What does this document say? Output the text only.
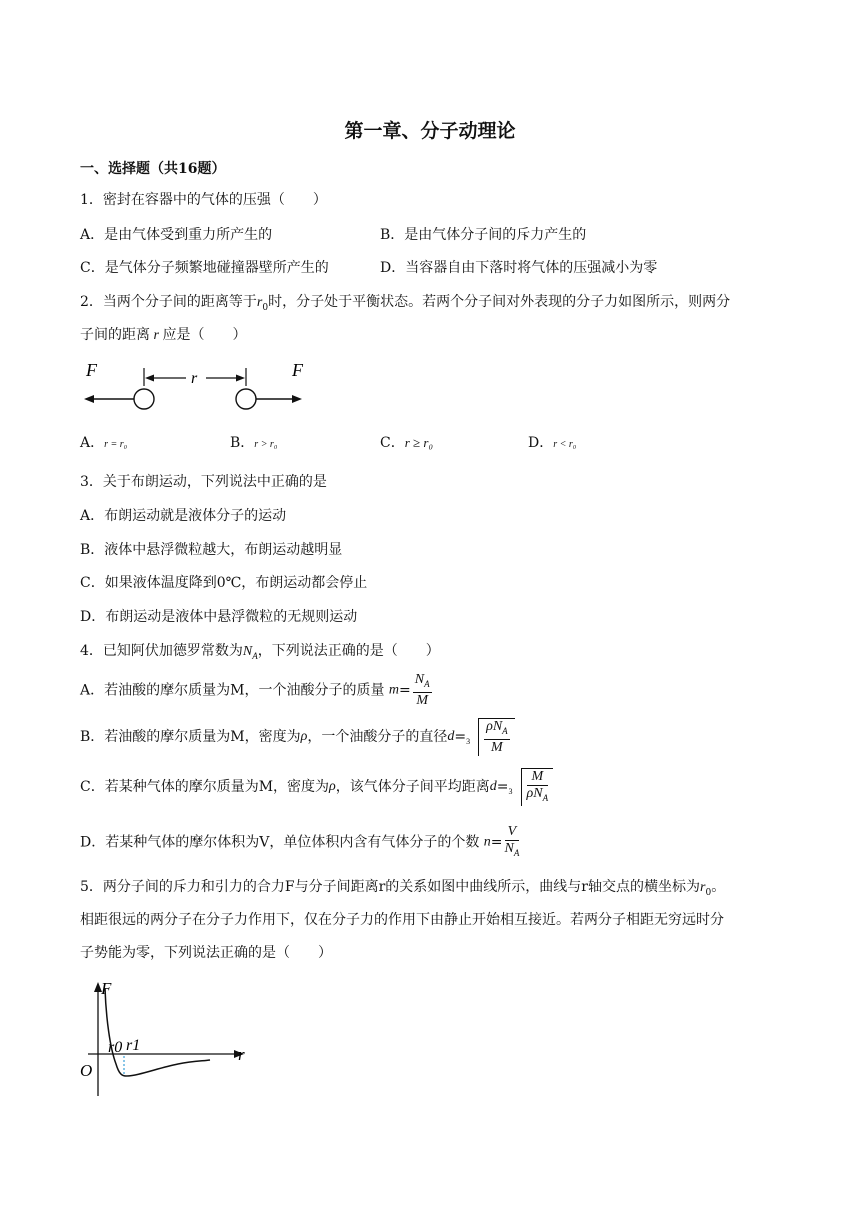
第一章、分子动理论
一、选择题（共16题）
1．密封在容器中的气体的压强（　　）
A．是由气体受到重力所产生的	B．是由气体分子间的斥力产生的
C．是气体分子频繁地碰撞器壁所产生的	D．当容器自由下落时将气体的压强减小为零
2．当两个分子间的距离等于$r_0$时，分子处于平衡状态。若两个分子间对外表现的分子力如图所示，则两分
子间的距离 r 应是（　　）
F	F
r
A．r = r₀	B．r > r₀	C．r ≥ r₀	D．r < r₀
3．关于布朗运动，下列说法中正确的是
A．布朗运动就是液体分子的运动
B．液体中悬浮微粒越大，布朗运动越明显
C．如果液体温度降到0℃，布朗运动都会停止
D．布朗运动是液体中悬浮微粒的无规则运动
4．已知阿伏加德罗常数为$N_A$，下列说法正确的是（　　）
A．若油酸的摩尔质量为M，一个油酸分子的质量 $m= \frac{N_A}{M}$
B．若油酸的摩尔质量为M，密度为ρ，一个油酸分子的直径$d= 3 \frac{\rho N_A}{M}$
C．若某种气体的摩尔质量为M，密度为ρ，该气体分子间平均距离$d= 3 \frac{M}{\rho N_A}$
D．若某种气体的摩尔体积为V，单位体积内含有气体分子的个数 $n= \frac{V}{N_A}$
5．两分子间的斥力和引力的合力F与分子间距离r的关系如图中曲线所示，曲线与r轴交点的横坐标为$r_0$。
相距很远的两分子在分子力作用下，仅在分子力的作用下由静止开始相互接近。若两分子相距无穷远时分
子势能为零，下列说法正确的是（　　）
F
r
O
r0 r1
